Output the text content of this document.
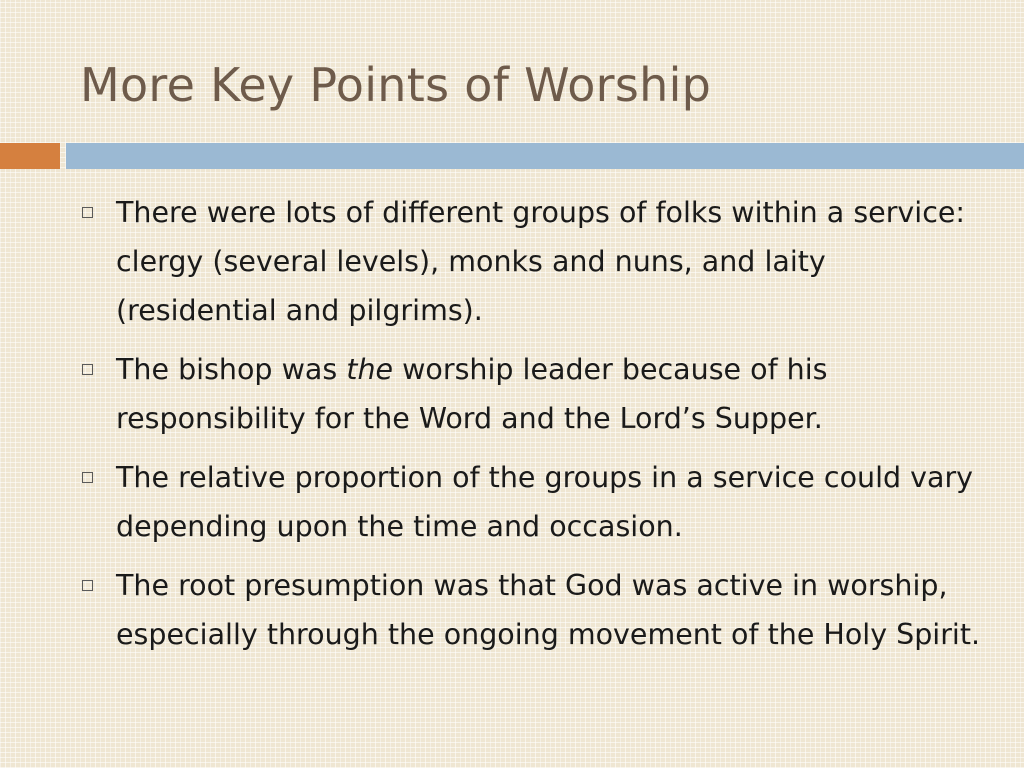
More Key Points of Worship
There were lots of different groups of folks within a service: clergy (several levels), monks and nuns, and laity (residential and pilgrims).
The bishop was the worship leader because of his responsibility for the Word and the Lord’s Supper.
The relative proportion of the groups in a service could vary depending upon the time and occasion.
The root presumption was that God was active in worship, especially through the ongoing movement of the Holy Spirit.
